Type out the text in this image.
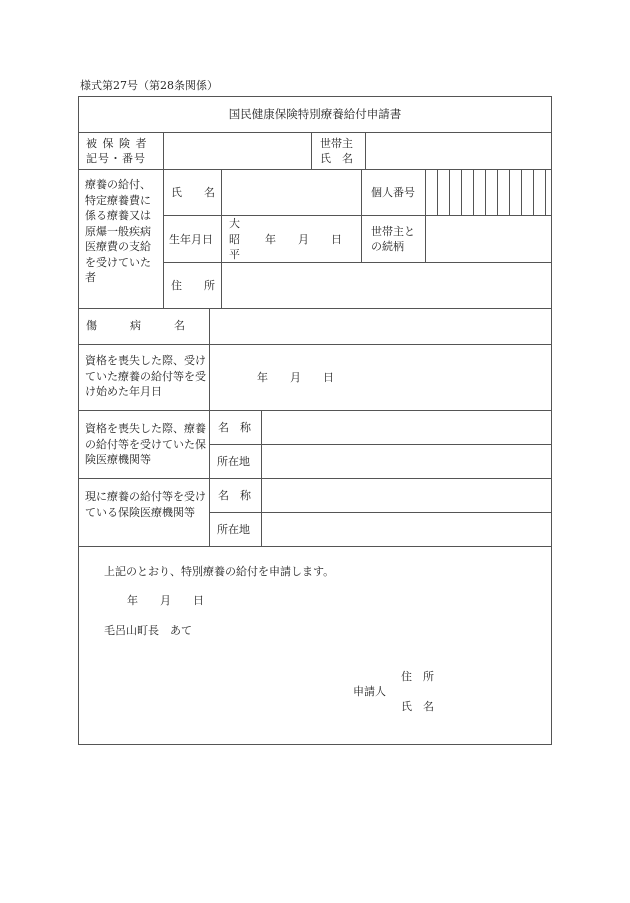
様式第27号（第28条関係）
国民健康保険特別療養給付申請書
被 保 険 者
記号・番号
世帯主
氏　名
療養の給付、特定療養費に係る療養又は原爆一般疾病医療費の支給を受けていた者
氏　　名	個人番号
生年月日
大
昭
平
年　　月　　日
世帯主と
の続柄
住　　所
傷　　　病　　　名
資格を喪失した際、受けていた療養の給付等を受け始めた年月日
年　　月　　日
資格を喪失した際、療養の給付等を受けていた保険医療機関等
名　称
所在地
現に療養の給付等を受けている保険医療機関等
名　称
所在地
上記のとおり、特別療養の給付を申請します。
年　　月　　日
毛呂山町長　あて
住　所
申請人
氏　名
